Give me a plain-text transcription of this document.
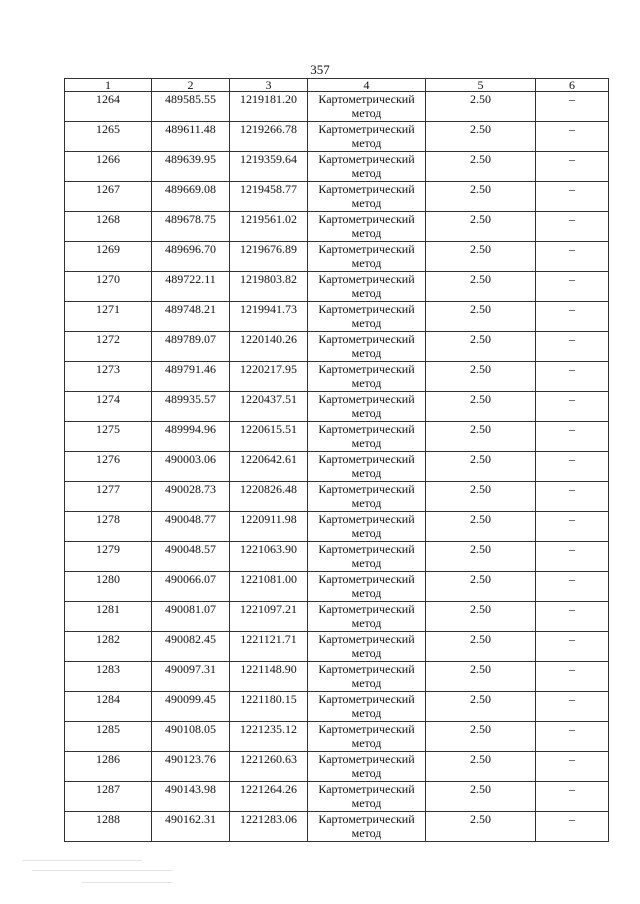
357
1	2	3	4	5	6
1264	489585.55	1219181.20	Картометрический метод	2.50	–
1265	489611.48	1219266.78	Картометрический метод	2.50	–
1266	489639.95	1219359.64	Картометрический метод	2.50	–
1267	489669.08	1219458.77	Картометрический метод	2.50	–
1268	489678.75	1219561.02	Картометрический метод	2.50	–
1269	489696.70	1219676.89	Картометрический метод	2.50	–
1270	489722.11	1219803.82	Картометрический метод	2.50	–
1271	489748.21	1219941.73	Картометрический метод	2.50	–
1272	489789.07	1220140.26	Картометрический метод	2.50	–
1273	489791.46	1220217.95	Картометрический метод	2.50	–
1274	489935.57	1220437.51	Картометрический метод	2.50	–
1275	489994.96	1220615.51	Картометрический метод	2.50	–
1276	490003.06	1220642.61	Картометрический метод	2.50	–
1277	490028.73	1220826.48	Картометрический метод	2.50	–
1278	490048.77	1220911.98	Картометрический метод	2.50	–
1279	490048.57	1221063.90	Картометрический метод	2.50	–
1280	490066.07	1221081.00	Картометрический метод	2.50	–
1281	490081.07	1221097.21	Картометрический метод	2.50	–
1282	490082.45	1221121.71	Картометрический метод	2.50	–
1283	490097.31	1221148.90	Картометрический метод	2.50	–
1284	490099.45	1221180.15	Картометрический метод	2.50	–
1285	490108.05	1221235.12	Картометрический метод	2.50	–
1286	490123.76	1221260.63	Картометрический метод	2.50	–
1287	490143.98	1221264.26	Картометрический метод	2.50	–
1288	490162.31	1221283.06	Картометрический метод	2.50	–
